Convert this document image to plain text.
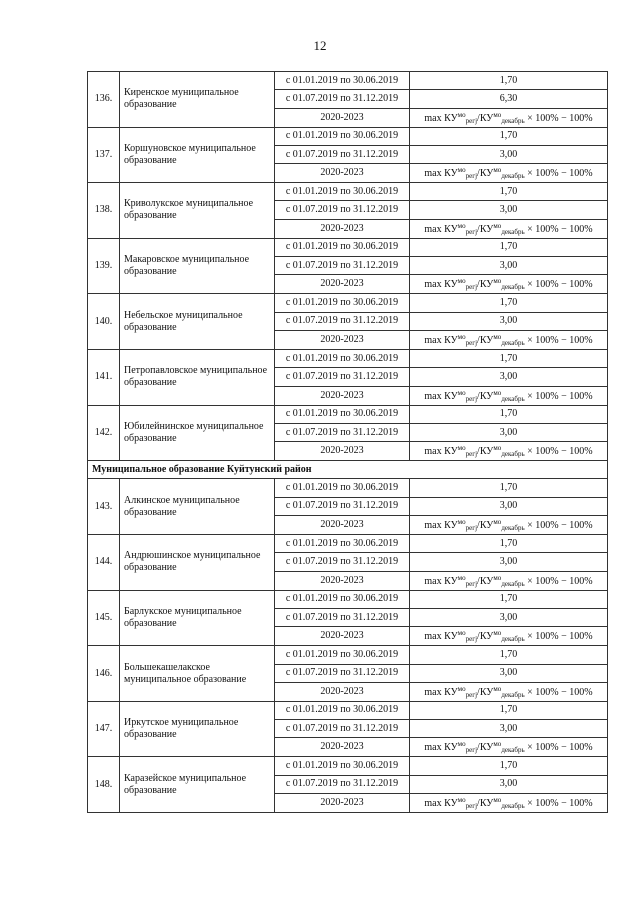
12
136.	Киренское муниципальное образование	с 01.01.2019 по 30.06.2019	1,70
		с 01.07.2019 по 31.12.2019	6,30
		2020-2023	$\max КУ^{мо}_{регj}/КУ^{мо}_{декабрь} \times 100\% - 100\%$
137.	Коршуновское муниципальное образование	с 01.01.2019 по 30.06.2019	1,70
		с 01.07.2019 по 31.12.2019	3,00
		2020-2023	$\max КУ^{мо}_{регj}/КУ^{мо}_{декабрь} \times 100\% - 100\%$
138.	Криволукское муниципальное образование	с 01.01.2019 по 30.06.2019	1,70
		с 01.07.2019 по 31.12.2019	3,00
		2020-2023	$\max КУ^{мо}_{регj}/КУ^{мо}_{декабрь} \times 100\% - 100\%$
139.	Макаровское муниципальное образование	с 01.01.2019 по 30.06.2019	1,70
		с 01.07.2019 по 31.12.2019	3,00
		2020-2023	$\max КУ^{мо}_{регj}/КУ^{мо}_{декабрь} \times 100\% - 100\%$
140.	Небельское муниципальное образование	с 01.01.2019 по 30.06.2019	1,70
		с 01.07.2019 по 31.12.2019	3,00
		2020-2023	$\max КУ^{мо}_{регj}/КУ^{мо}_{декабрь} \times 100\% - 100\%$
141.	Петропавловское муниципальное образование	с 01.01.2019 по 30.06.2019	1,70
		с 01.07.2019 по 31.12.2019	3,00
		2020-2023	$\max КУ^{мо}_{регj}/КУ^{мо}_{декабрь} \times 100\% - 100\%$
142.	Юбилейнинское муниципальное образование	с 01.01.2019 по 30.06.2019	1,70
		с 01.07.2019 по 31.12.2019	3,00
		2020-2023	$\max КУ^{мо}_{регj}/КУ^{мо}_{декабрь} \times 100\% - 100\%$
Муниципальное образование Куйтунский район			
143.	Алкинское муниципальное образование	с 01.01.2019 по 30.06.2019	1,70
		с 01.07.2019 по 31.12.2019	3,00
		2020-2023	$\max КУ^{мо}_{регj}/КУ^{мо}_{декабрь} \times 100\% - 100\%$
144.	Андрюшинское муниципальное образование	с 01.01.2019 по 30.06.2019	1,70
		с 01.07.2019 по 31.12.2019	3,00
		2020-2023	$\max КУ^{мо}_{регj}/КУ^{мо}_{декабрь} \times 100\% - 100\%$
145.	Барлукское муниципальное образование	с 01.01.2019 по 30.06.2019	1,70
		с 01.07.2019 по 31.12.2019	3,00
		2020-2023	$\max КУ^{мо}_{регj}/КУ^{мо}_{декабрь} \times 100\% - 100\%$
146.	Большекашелакское муниципальное образование	с 01.01.2019 по 30.06.2019	1,70
		с 01.07.2019 по 31.12.2019	3,00
		2020-2023	$\max КУ^{мо}_{регj}/КУ^{мо}_{декабрь} \times 100\% - 100\%$
147.	Иркутское муниципальное образование	с 01.01.2019 по 30.06.2019	1,70
		с 01.07.2019 по 31.12.2019	3,00
		2020-2023	$\max КУ^{мо}_{регj}/КУ^{мо}_{декабрь} \times 100\% - 100\%$
148.	Каразейское муниципальное образование	с 01.01.2019 по 30.06.2019	1,70
		с 01.07.2019 по 31.12.2019	3,00
		2020-2023	$\max КУ^{мо}_{регj}/КУ^{мо}_{декабрь} \times 100\% - 100\%$
